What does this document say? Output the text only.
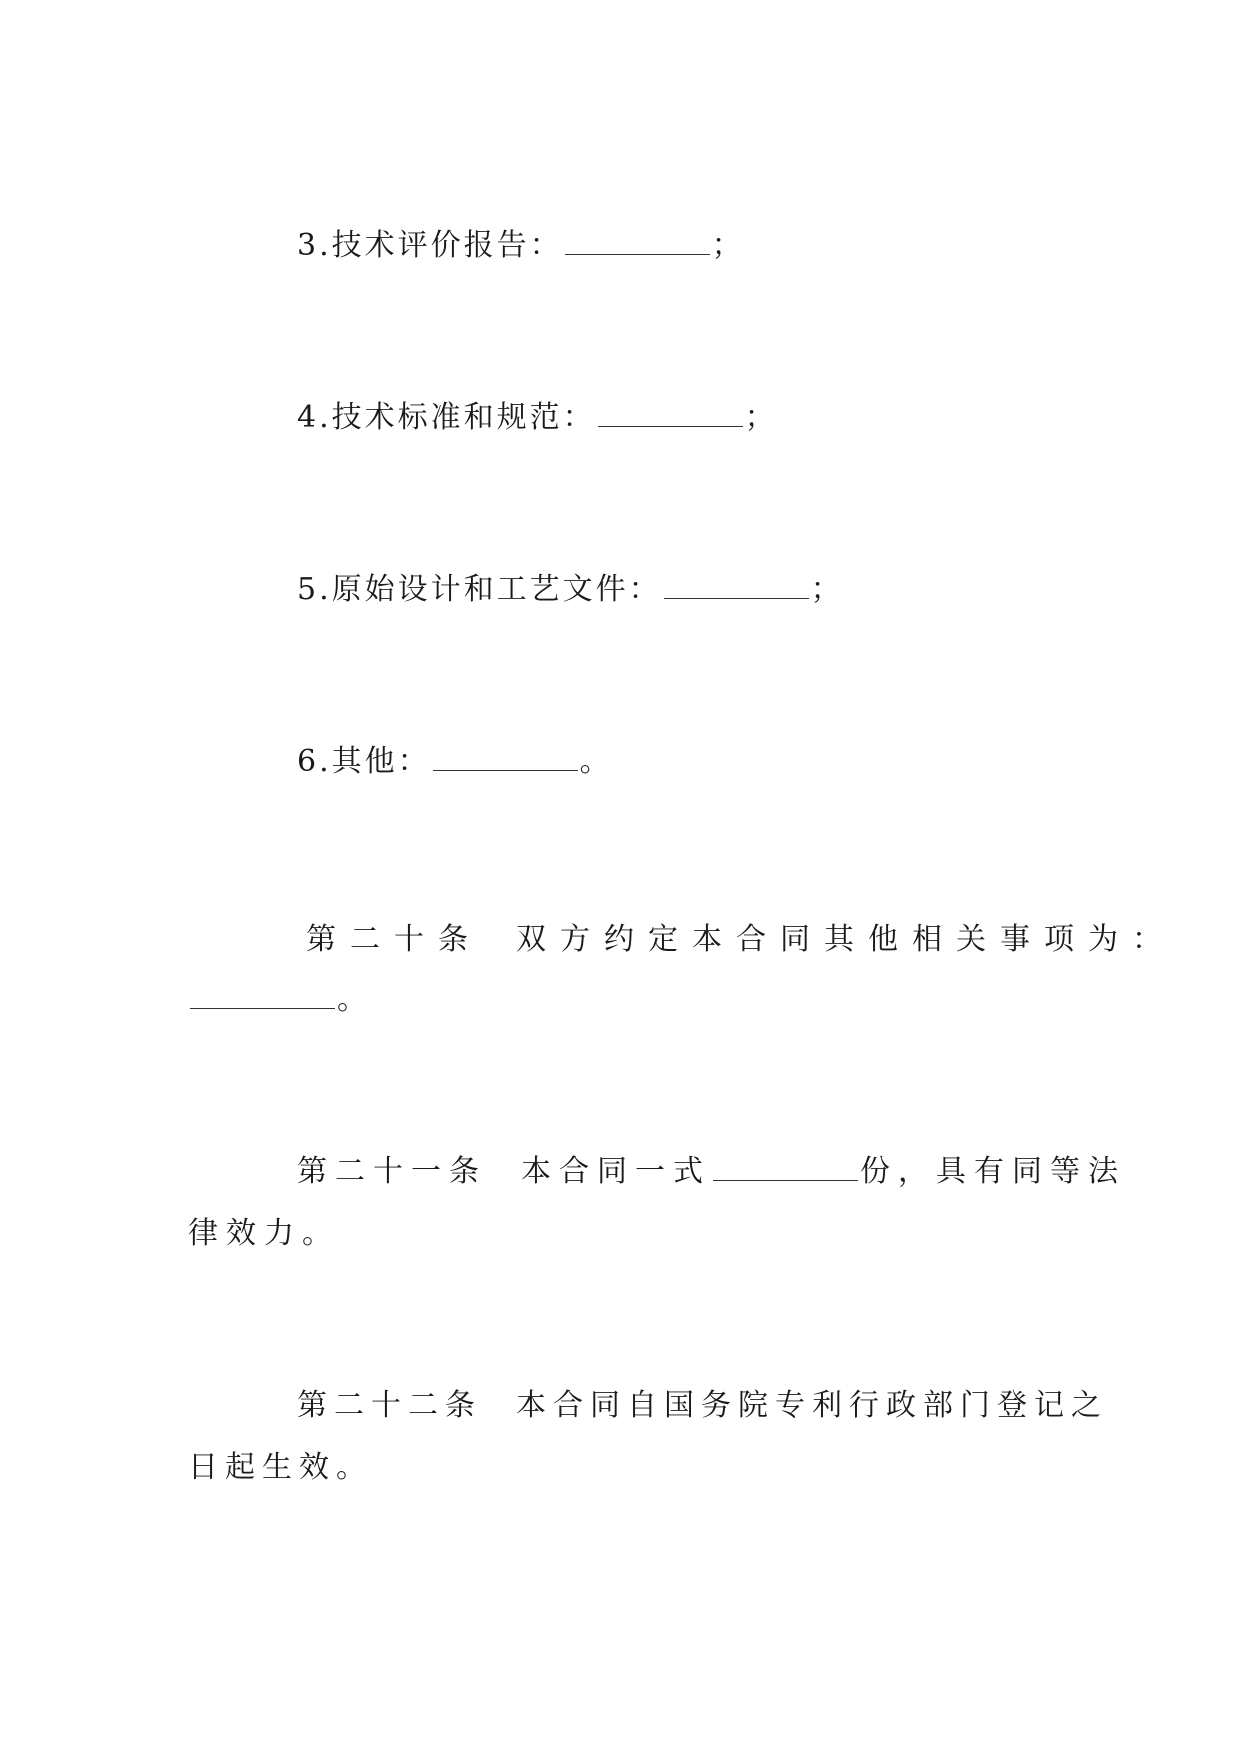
3.技术评价报告：	；
4.技术标准和规范：	；
5.原始设计和工艺文件：	；
6.其他：	。
第二十条 双方约定本合同其他相关事项为：
。
第二十一条 本合同一式	份，具有同等法
律效力。
第二十二条 本合同自国务院专利行政部门登记之
日起生效。
